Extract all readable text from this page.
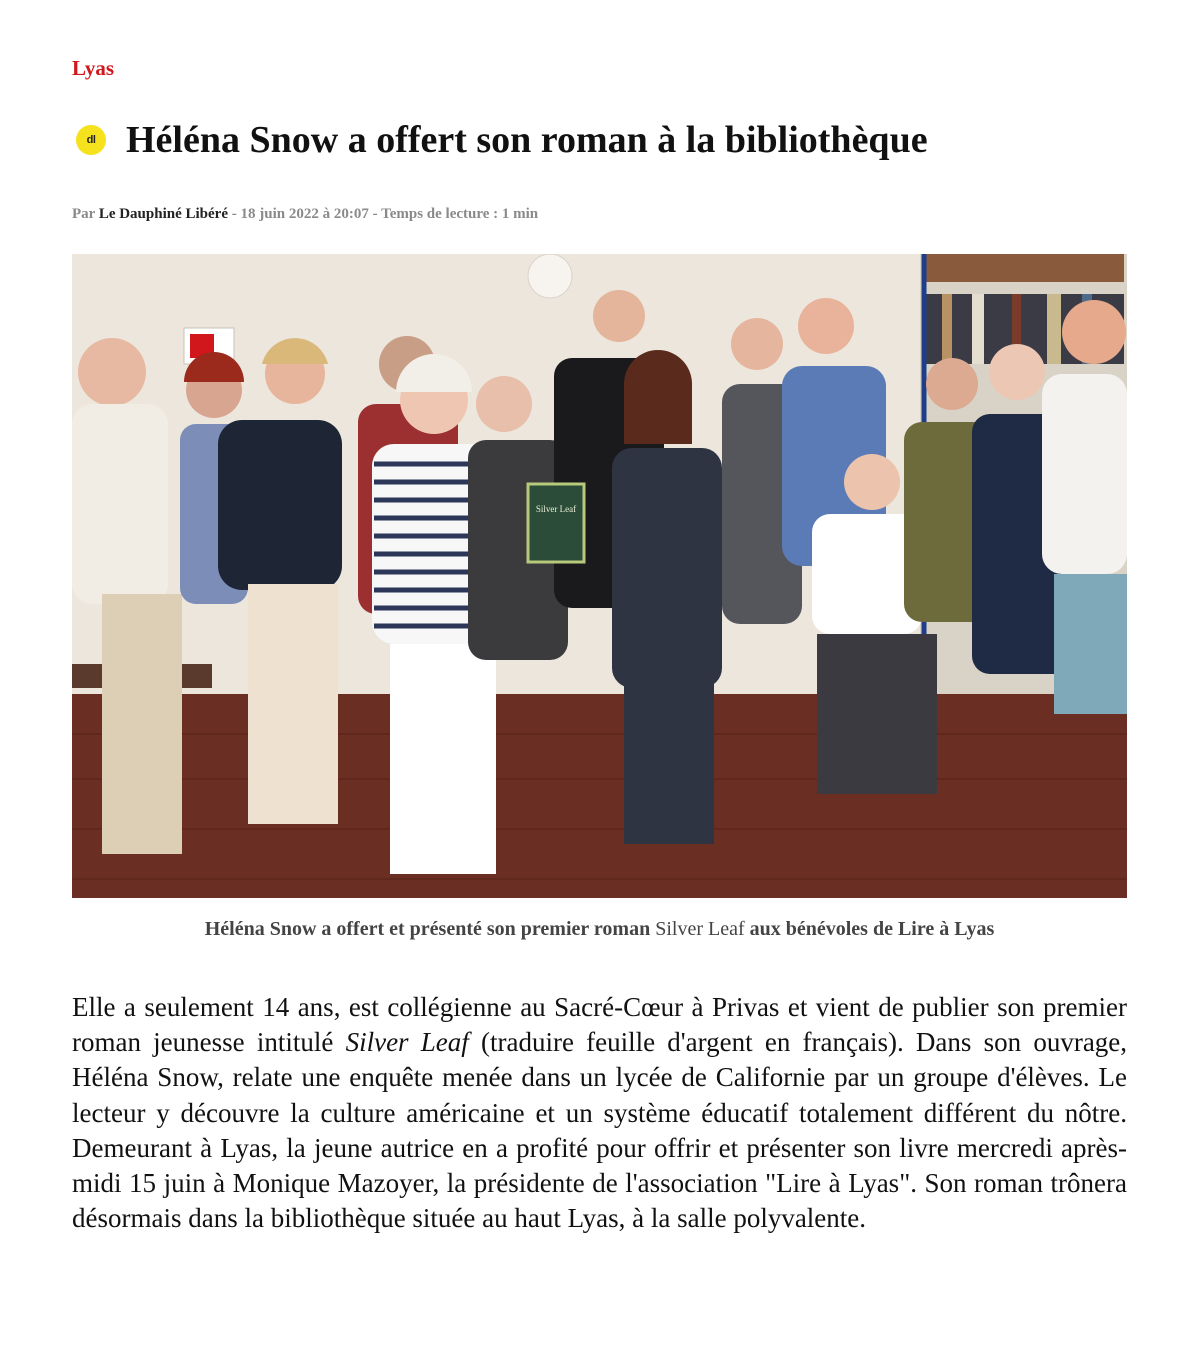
Lyas
dl Héléna Snow a offert son roman à la bibliothèque
Par Le Dauphiné Libéré - 18 juin 2022 à 20:07 - Temps de lecture : 1 min
Silver Leaf
Héléna Snow a offert et présenté son premier roman Silver Leaf aux bénévoles de Lire à Lyas

Elle a seulement 14 ans, est collégienne au Sacré-Cœur à Privas et vient de publier son premier roman jeunesse intitulé Silver Leaf (traduire feuille d'argent en français). Dans son ouvrage, Héléna Snow, relate une enquête menée dans un lycée de Californie par un groupe d'élèves. Le lecteur y découvre la culture américaine et un système éducatif totalement différent du nôtre. Demeurant à Lyas, la jeune autrice en a profité pour offrir et présenter son livre mercredi après-midi 15 juin à Monique Mazoyer, la présidente de l'association "Lire à Lyas". Son roman trônera désormais dans la bibliothèque située au haut Lyas, à la salle polyvalente.
